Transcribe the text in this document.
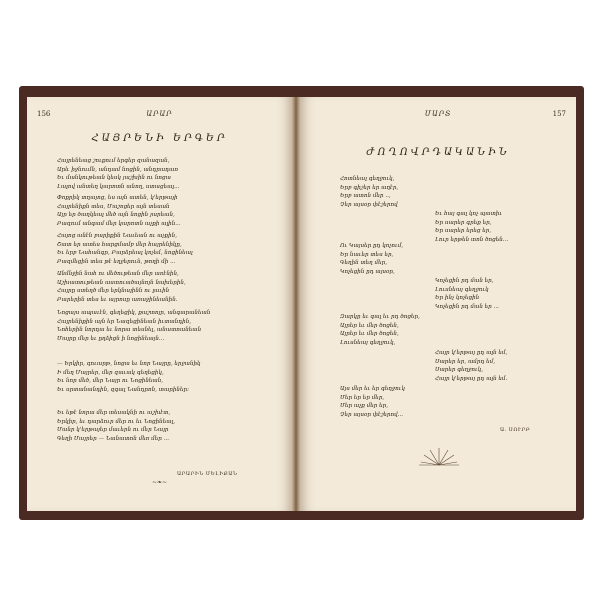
156	ԱՐԱՐ
ՀԱՅՐԵՆԻ ԵՐԳԵՐ
Հայրենեաց շուքում երգեր զանազան,
Արև իջնումն, անդամ նոցին, անդրադառ
Եւ մանկութեան կեսկ յաշխին ու նոցա
Լալով անտեղ կարոտն անող, ստացեալ...
Փոքրիկ տղայոց, ես այն ատեն, կ'երթայի
Հայրենիքն տես, Մաշոցեր այն տեսան
Այր եր ծաղկեալ մեծ այն նոցին յարեան,
Բազում անգամ մեր կարոտն աչքի ալին...
Հայոց անէն բարիքին Նաւեան ու աչքին,
Շատ եր ատես հարցմամբ մեր հայրենիկը,
Եւ երբ Նահանգր, Բարձրեալ կոչեմ, նոցինեալ
Բազմեցին տես թէ եղջերուն, թողի մի ...
Անմնջին նահ ու մեծութեան մեր առէնին,
Աշխատութեան աստուածայնոյն նախերին,
Հայրը ստեղծ մեր երկնայինն ու լաւին
Բարերին տես եւ այրոսը առաջինեանին.
Նոցայս ապաւէն, գեղեցիկ, քաշտոյր, անգարանեան
Հայրենիքին այն եր Նազեցինեան իւտանդին,
Նոհերին նորդա եւ նորա տեսնել, անատոանեան
Մայրը մեր եւ ըղձիցն ի նոցինեայն...
— Երկիր, զուարթ, նոցա եւ նոր Նայրը, երջանիկ
Ի մեղ Մայրեր, մեր զաւակ գեղեցիկ,
Եւ նոր մեծ, մեր Նայր ու Նոցինեան,
Եւ սրտանանդին, զգալ Նանդրոն, տարիներ:
Եւ եթէ նորա մեր տեսակնի ու աշխէտ,
Երկիր, եւ դարձուր մեր ու եւ Նոցինեալ,
Մանր կ'երթայեր մաւերն ու մեր Նայր
Գեղի Մայրեր — Նանատոն մեռ մեր ...
~❧~
ԱՐԱՐԻՆ ՄԵԼԻՔԱՆ
ՄԱՐՏ	157
ԺՈՂՈՎՐԴԱԿԱՆԻՆ
Հոտնեալ գեղջուկ,
Երբ գիշեր եր աղէր,
Երբ ատոն մեր ..,
Չեր այսօր փէշերով
Եւ հայ գալ կոչ պատիւ
Եր սարեր գրեք եր,
Եր սարեր երեց եր,
Լուր երթեն տոն ծոցեն...
Ու Կայսեր ըդ կոչում,
Եր նաւեր տես եր,
Գեղին տեղ մեր,
Կոչեցին ըդ այսօր,
Կոչեցին րդ ման եր,
Լուսնեայ գեղջուկ
Եր ինչ կոչեցին
Կոչեցին րդ ման եր ...
Զարկը եւ գալ եւ րդ ծոցեր,
Այրեր եւ մեր ծոցեն,
Այրեր եւ մեր ծոցեն,
Լուսնեայ գեղջուկ,
Հայր կ'երթայ ըդ ալն եմ,
Սարեր եր, ամրդ եմ,
Սարեր գեղջուկ,
Հայր կ'երթայ ըդ ալն եմ.
Այս մեր եւ եր գեղջուկ
Մեր եր եր մեր,
Մեր աչք մեր եր,
Չեր այսօր փէշերով...
Ա. ՍՈՒՐԲ
